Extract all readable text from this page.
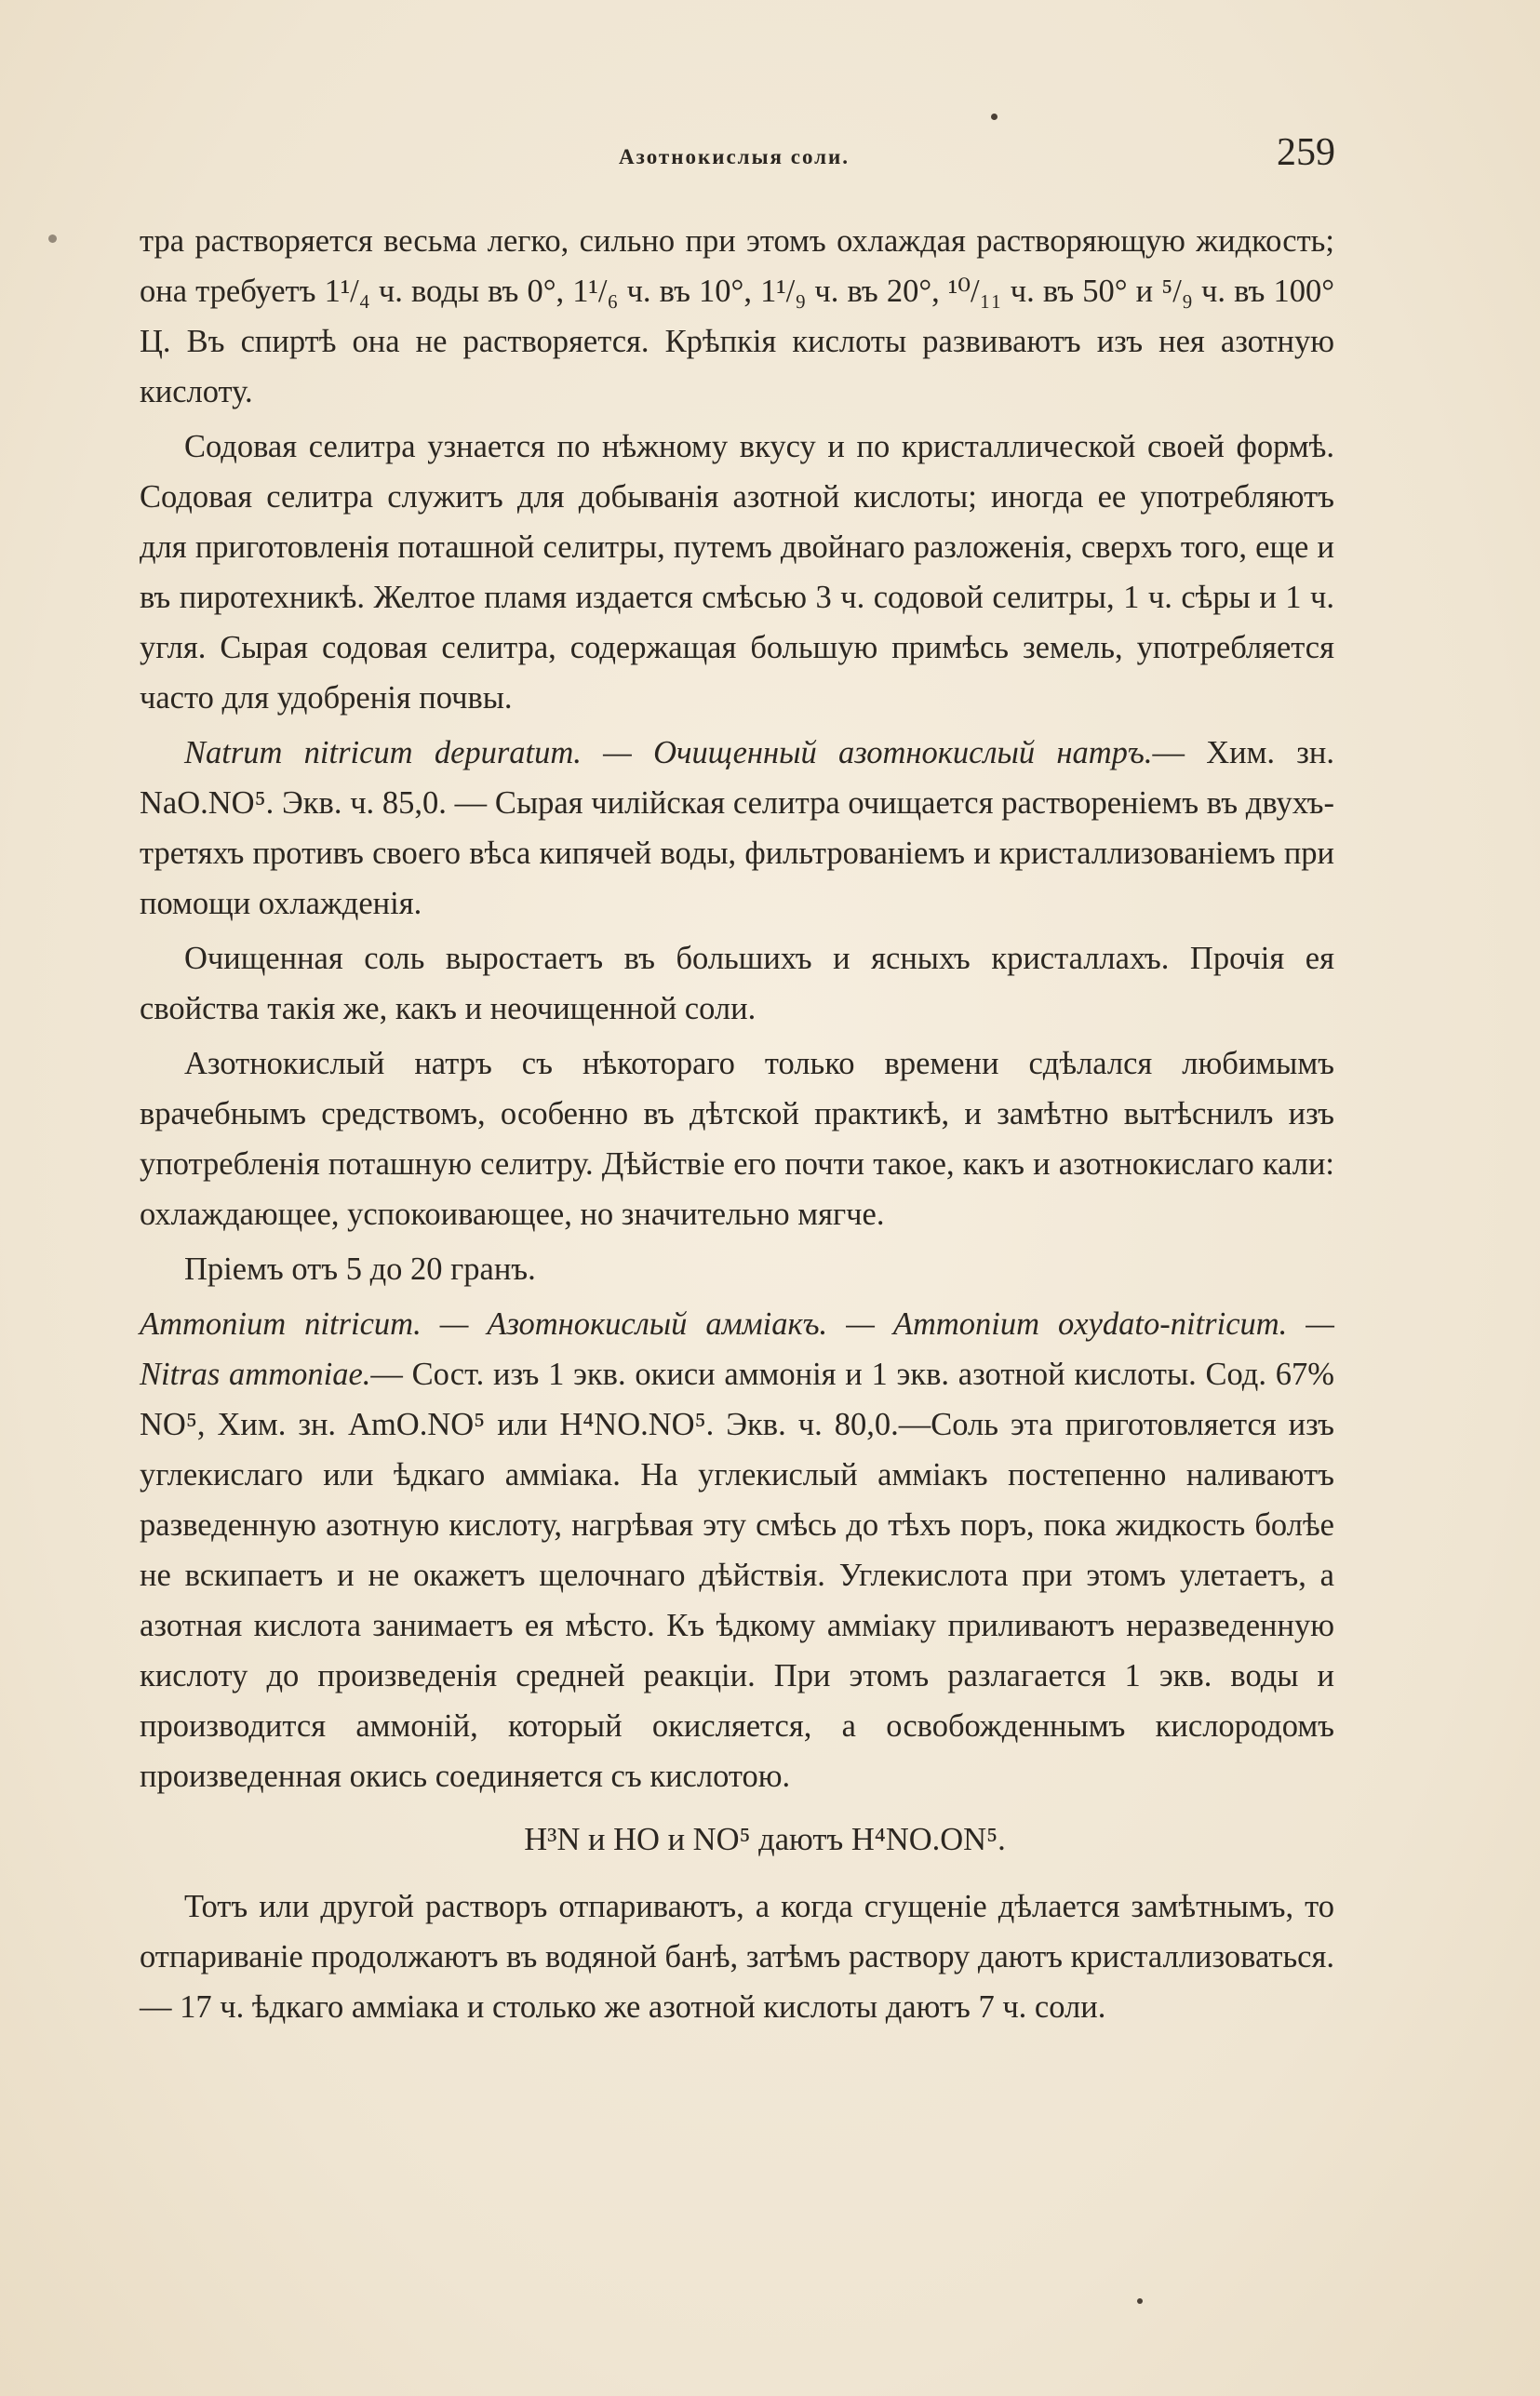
Азотнокислыя соли.	259

тра растворяется весьма легко, сильно при этомъ охлаждая растворяющую жидкость; она требуетъ 1¹/₄ ч. воды въ 0°, 1¹/₆ ч. въ 10°, 1¹/₉ ч. въ 20°, ¹⁰/₁₁ ч. въ 50° и ⁵/₉ ч. въ 100° Ц. Въ спиртѣ она не растворяется. Крѣпкія кислоты развиваютъ изъ нея азотную кислоту.

Содовая селитра узнается по нѣжному вкусу и по кристаллической своей формѣ. Содовая селитра служитъ для добыванія азотной кислоты; иногда ее употребляютъ для приготовленія поташной селитры, путемъ двойнаго разложенія, сверхъ того, еще и въ пиротехникѣ. Желтое пламя издается смѣсью 3 ч. содовой селитры, 1 ч. сѣры и 1 ч. угля. Сырая содовая селитра, содержащая большую примѣсь земель, употребляется часто для удобренія почвы.

Natrum nitricum depuratum. — Очищенный азотнокислый натръ.— Хим. зн. NaO.NO⁵. Экв. ч. 85,0. — Сырая чилійская селитра очищается раствореніемъ въ двухъ-третяхъ противъ своего вѣса кипячей воды, фильтрованіемъ и кристаллизованіемъ при помощи охлажденія.

Очищенная соль выростаетъ въ большихъ и ясныхъ кристаллахъ. Прочія ея свойства такія же, какъ и неочищенной соли.

Азотнокислый натръ съ нѣкотораго только времени сдѣлался любимымъ врачебнымъ средствомъ, особенно въ дѣтской практикѣ, и замѣтно вытѣснилъ изъ употребленія поташную селитру. Дѣйствіе его почти такое, какъ и азотнокислаго кали: охлаждающее, успокоивающее, но значительно мягче.

Пріемъ отъ 5 до 20 гранъ.

Ammonium nitricum. — Азотнокислый аммiакъ. — Ammonium oxydato-nitricum. — Nitras ammoniae.— Сост. изъ 1 экв. окиси аммонія и 1 экв. азотной кислоты. Сод. 67% NO⁵, Хим. зн. AmO.NO⁵ или H⁴NO.NO⁵. Экв. ч. 80,0.—Соль эта приготовляется изъ углекислаго или ѣдкаго аммiака. На углекислый аммiакъ постепенно наливаютъ разведенную азотную кислоту, нагрѣвая эту смѣсь до тѣхъ поръ, пока жидкость болѣе не вскипаетъ и не окажетъ щелочнаго дѣйствія. Углекислота при этомъ улетаетъ, а азотная кислота занимаетъ ея мѣсто. Къ ѣдкому амміаку приливаютъ неразведенную кислоту до произведенія средней реакціи. При этомъ разлагается 1 экв. воды и производится аммоній, который окисляется, а освобожденнымъ кислородомъ произведенная окись соединяется съ кислотою.

H³N и HO и NO⁵ даютъ H⁴NO.ON⁵.

Тотъ или другой растворъ отпариваютъ, а когда сгущеніе дѣлается замѣтнымъ, то отпариваніе продолжаютъ въ водяной банѣ, затѣмъ раствору даютъ кристаллизоваться. — 17 ч. ѣдкаго амміака и столько же азотной кислоты даютъ 7 ч. соли.
